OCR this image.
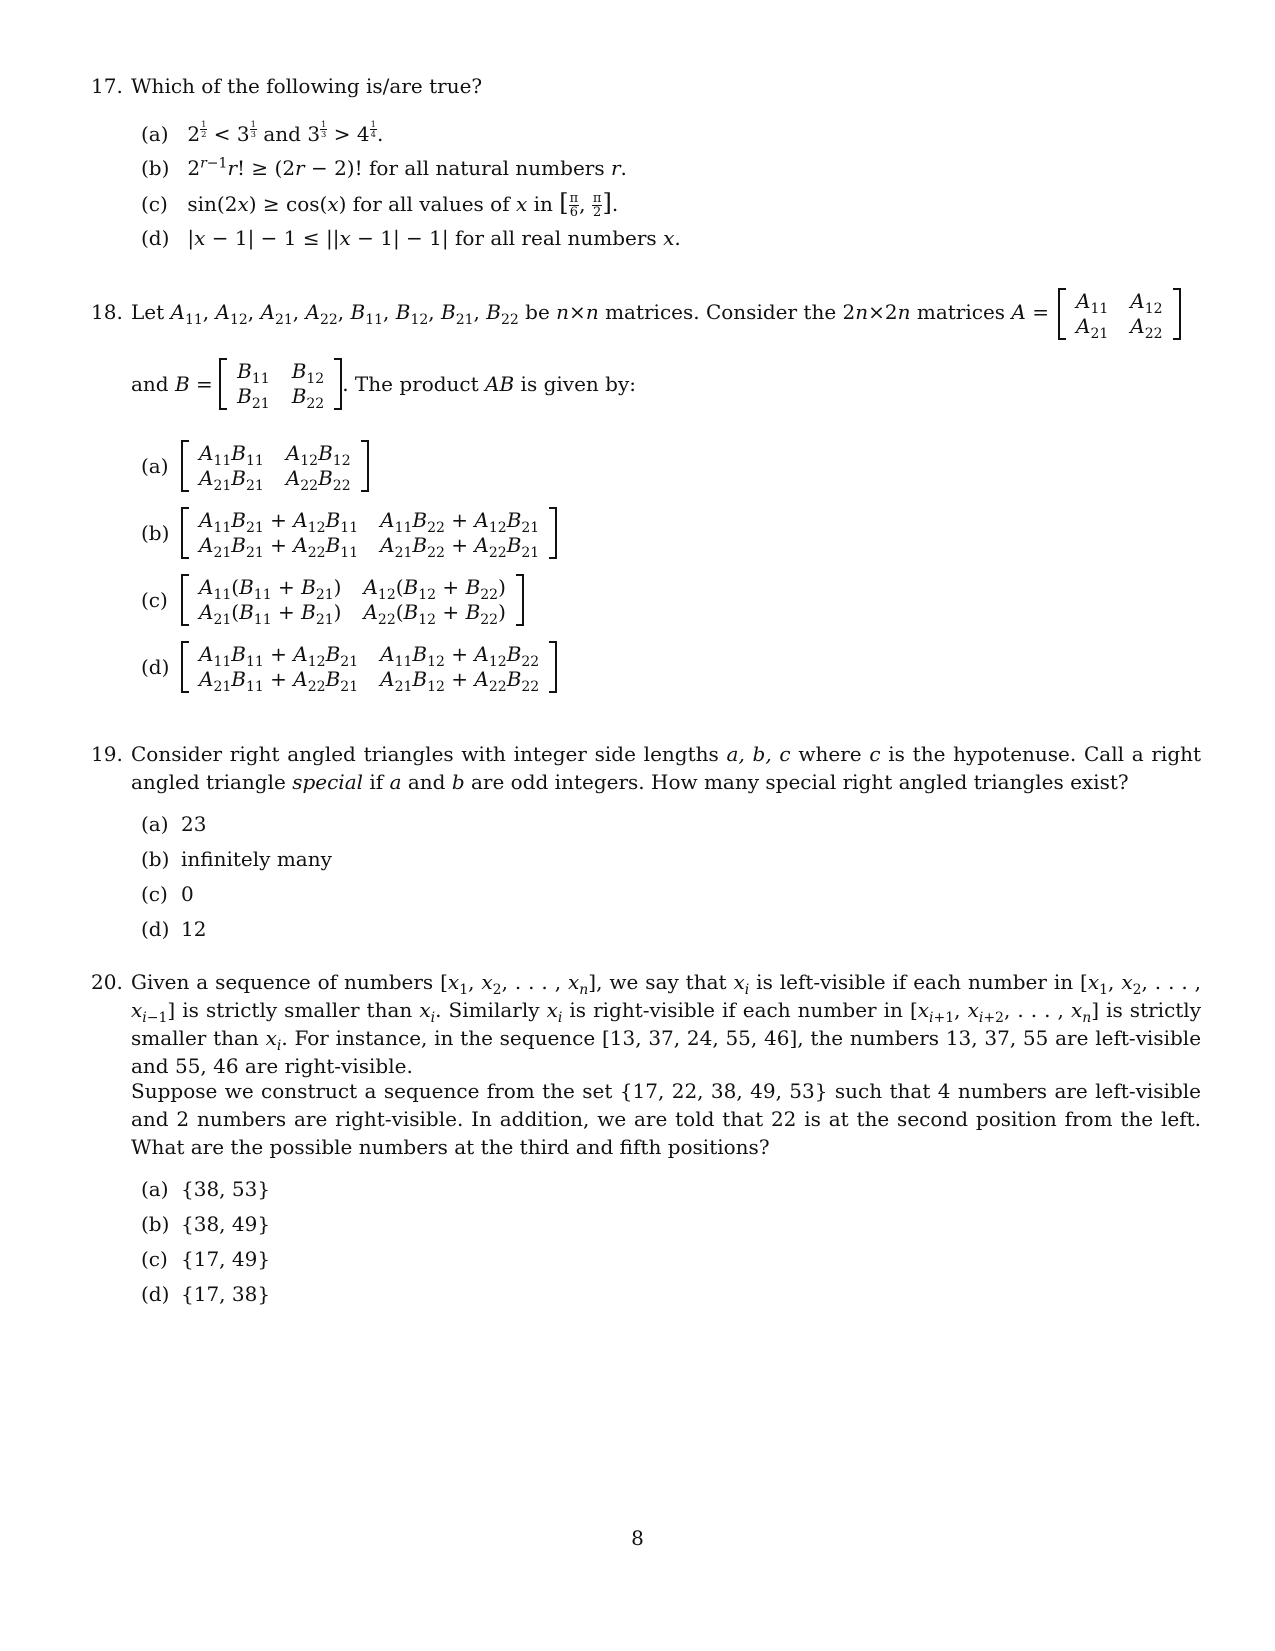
17. Which of the following is/are true?
(a) 2 $^{\frac{1}{2}}$ < 3 $^{\frac{1}{3}}$ and 3 $^{\frac{1}{3}}$ > 4 $^{\frac{1}{4}}$ .
(b) $2^{r-1}r$! ≥ (2r − 2)! for all natural numbers r.
(c) sin(2x) ≥ cos(x) for all values of x in [ $\frac{\pi}{6}$ , $\frac{\pi}{2}$ ].
(d) |x − 1| − 1 ≤ ||x − 1| − 1| for all real numbers x.
18. Let $A_{11}$, $A_{12}$, $A_{21}$, $A_{22}$, $B_{11}$, $B_{12}$, $B_{21}$, $B_{22}$ be n×n matrices. Consider the 2n×2n matrices A =	$A_{11}$ $A_{12}$
$A_{21}$ $A_{22}$
and
B =
$B_{11}$ $B_{12}$
$B_{21}$ $B_{22}$
. The product
AB
is given by:
(a)
$A_{11}B_{11}$ $A_{12}B_{12}$
$A_{21}B_{21}$ $A_{22}B_{22}$
(b)
$A_{11}B_{21} + A_{12}B_{11}$ $A_{11}B_{22} + A_{12}B_{21}$
$A_{21}B_{21} + A_{22}B_{11}$ $A_{21}B_{22} + A_{22}B_{21}$
(c)
$A_{11}(B_{11} + B_{21}) A_{12}(B_{12} + B_{22})$
$A_{21}(B_{11} + B_{21}) A_{22}(B_{12} + B_{22})$
(d)
$A_{11}B_{11} + A_{12}B_{21}$ $A_{11}B_{12} + A_{12}B_{22}$
$A_{21}B_{11} + A_{22}B_{21}$ $A_{21}B_{12} + A_{22}B_{22}$
19. Consider right angled triangles with integer side lengths a, b, c where c is the hypotenuse. Call a right angled triangle special if a and b are odd integers. How many special right angled triangles exist?
(a) 23
(b) infinitely many
(c) 0
(d) 12
20. Given a sequence of numbers [$x_1$, $x_2$, . . . , $x_n$], we say that $x_i$ is left-visible if each number in [$x_1$, $x_2$, . . . , $x_{i-1}$] is strictly smaller than $x_i$. Similarly $x_i$ is right-visible if each number in [$x_{i+1}$, $x_{i+2}$, . . . , $x_n$] is strictly smaller than $x_i$. For instance, in the sequence [13, 37, 24, 55, 46], the numbers 13, 37, 55 are left-visible and 55, 46 are right-visible.
Suppose we construct a sequence from the set {17, 22, 38, 49, 53} such that 4 numbers are left-visible and 2 numbers are right-visible. In addition, we are told that 22 is at the second position from the left. What are the possible numbers at the third and fifth positions?
(a) {38, 53}
(b) {38, 49}
(c) {17, 49}
(d) {17, 38}
8
